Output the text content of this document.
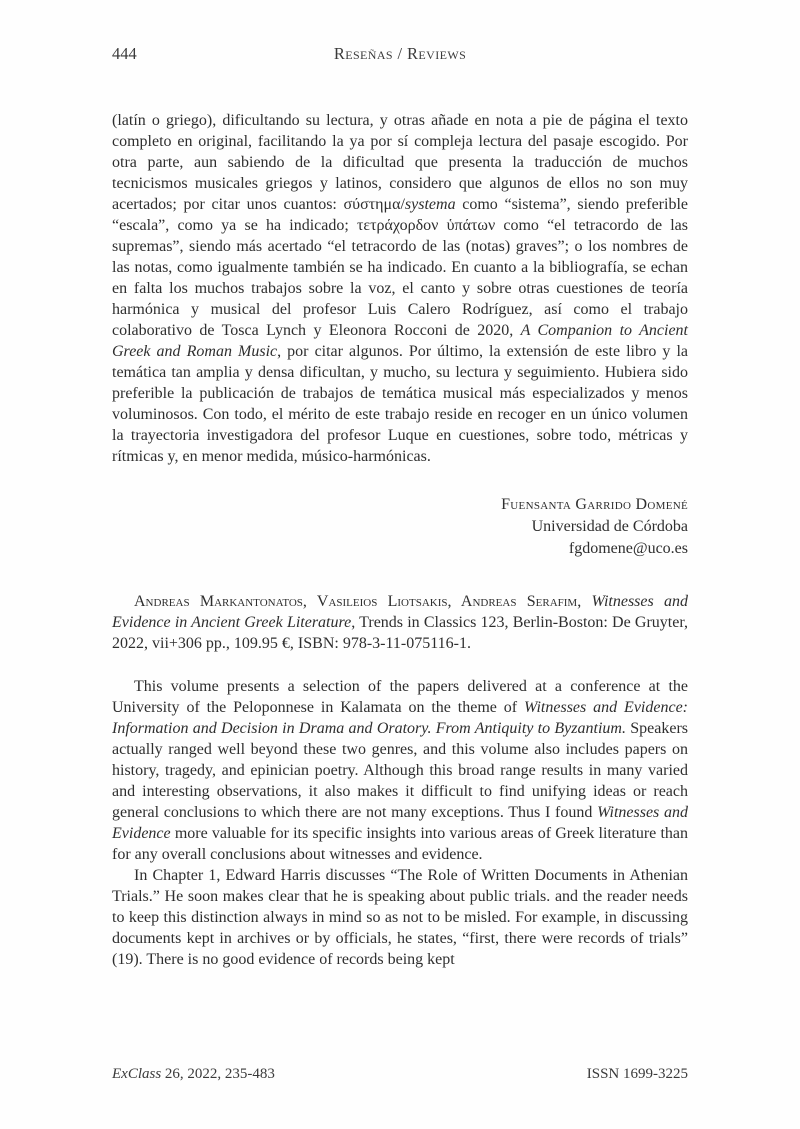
444	Reseñas / Reviews

(latín o griego), dificultando su lectura, y otras añade en nota a pie de página el texto completo en original, facilitando la ya por sí compleja lectura del pasaje escogido. Por otra parte, aun sabiendo de la dificultad que presenta la traducción de muchos tecnicismos musicales griegos y latinos, considero que algunos de ellos no son muy acertados; por citar unos cuantos: σύστημα/systema como “sistema”, siendo preferible “escala”, como ya se ha indicado; τετράχορδον ὑπάτων como “el tetracordo de las supremas”, siendo más acertado “el tetracordo de las (notas) graves”; o los nombres de las notas, como igualmente también se ha indicado. En cuanto a la bibliografía, se echan en falta los muchos trabajos sobre la voz, el canto y sobre otras cuestiones de teoría harmónica y musical del profesor Luis Calero Rodríguez, así como el trabajo colaborativo de Tosca Lynch y Eleonora Rocconi de 2020, A Companion to Ancient Greek and Roman Music, por citar algunos. Por último, la extensión de este libro y la temática tan amplia y densa dificultan, y mucho, su lectura y seguimiento. Hubiera sido preferible la publicación de trabajos de temática musical más especializados y menos voluminosos. Con todo, el mérito de este trabajo reside en recoger en un único volumen la trayectoria investigadora del profesor Luque en cuestiones, sobre todo, métricas y rítmicas y, en menor medida, músico-harmónicas.

Fuensanta Garrido Domené
Universidad de Córdoba
fgdomene@uco.es

Andreas Markantonatos, Vasileios Liotsakis, Andreas Serafim, Witnesses and Evidence in Ancient Greek Literature, Trends in Classics 123, Berlin-Boston: De Gruyter, 2022, vii+306 pp., 109.95 €, ISBN: 978-3-11-075116-1.

This volume presents a selection of the papers delivered at a conference at the University of the Peloponnese in Kalamata on the theme of Witnesses and Evidence: Information and Decision in Drama and Oratory. From Antiquity to Byzantium. Speakers actually ranged well beyond these two genres, and this volume also includes papers on history, tragedy, and epinician poetry. Although this broad range results in many varied and interesting observations, it also makes it difficult to find unifying ideas or reach general conclusions to which there are not many exceptions. Thus I found Witnesses and Evidence more valuable for its specific insights into various areas of Greek literature than for any overall conclusions about witnesses and evidence.

In Chapter 1, Edward Harris discusses “The Role of Written Documents in Athenian Trials.” He soon makes clear that he is speaking about public trials. and the reader needs to keep this distinction always in mind so as not to be misled. For example, in discussing documents kept in archives or by officials, he states, “first, there were records of trials” (19). There is no good evidence of records being kept

ExClass 26, 2022, 235-483	ISSN 1699-3225
